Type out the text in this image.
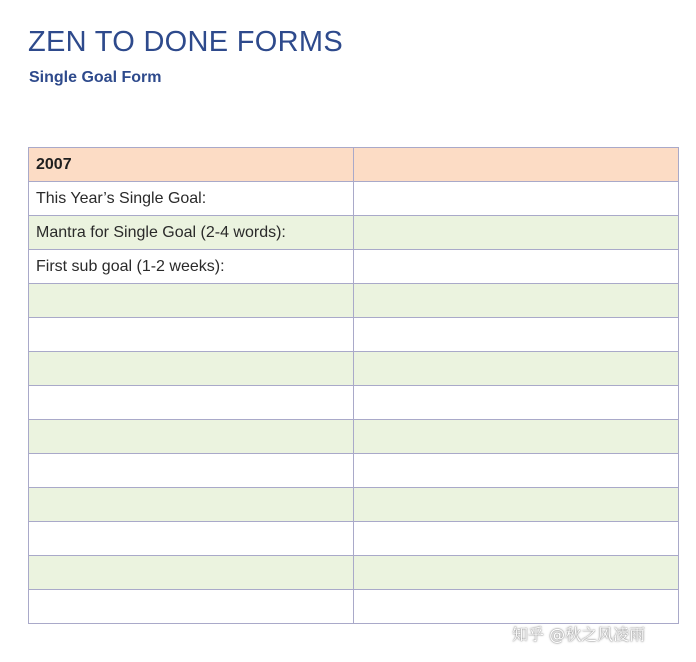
ZEN TO DONE FORMS
Single Goal Form
2007	
This Year’s Single Goal:	
Mantra for Single Goal (2-4 words):	
First sub goal (1-2 weeks):	

知乎 @秋之风凌雨
